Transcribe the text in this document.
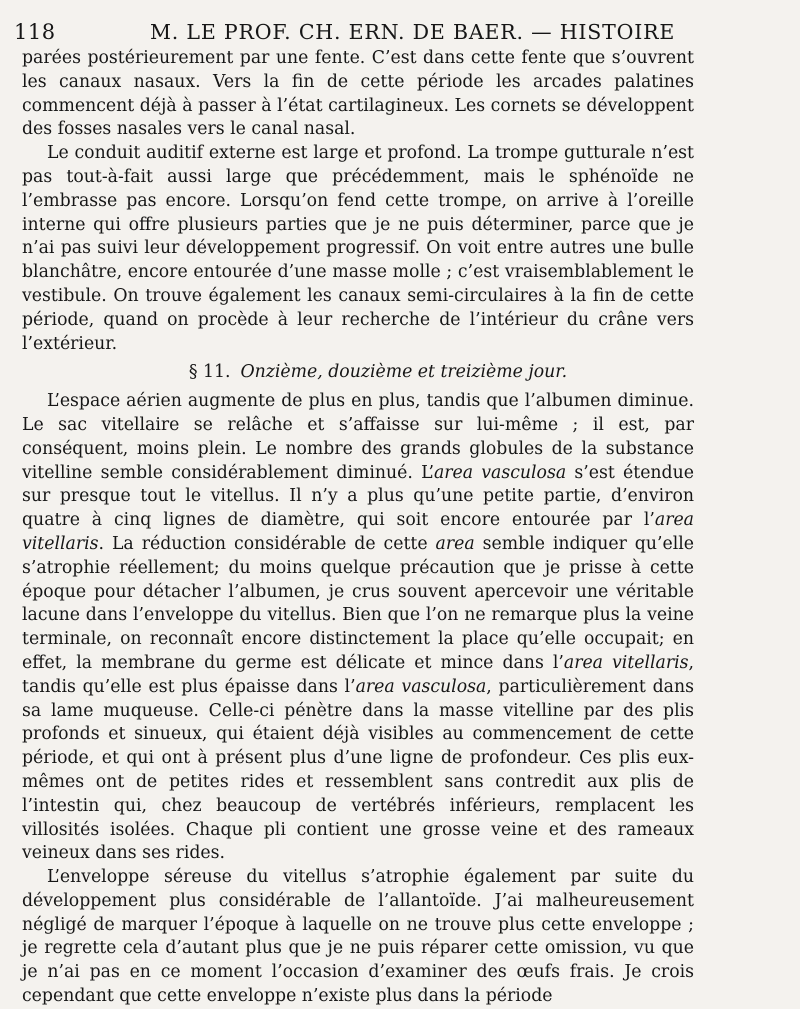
118	M. LE PROF. CH. ERN. DE BAER. — HISTOIRE

parées postérieurement par une fente. C’est dans cette fente que s’ouvrent les canaux nasaux. Vers la fin de cette période les arcades palatines commencent déjà à passer à l’état cartilagineux. Les cornets se développent des fosses nasales vers le canal nasal.

Le conduit auditif externe est large et profond. La trompe gutturale n’est pas tout-à-fait aussi large que précédemment, mais le sphénoïde ne l’embrasse pas encore. Lorsqu’on fend cette trompe, on arrive à l’oreille interne qui offre plusieurs parties que je ne puis déterminer, parce que je n’ai pas suivi leur développement progressif. On voit entre autres une bulle blanchâtre, encore entourée d’une masse molle ; c’est vraisemblablement le vestibule. On trouve également les canaux semi-circulaires à la fin de cette période, quand on procède à leur recherche de l’intérieur du crâne vers l’extérieur.

§ 11. Onzième, douzième et treizième jour.

L’espace aérien augmente de plus en plus, tandis que l’albumen diminue. Le sac vitellaire se relâche et s’affaisse sur lui-même ; il est, par conséquent, moins plein. Le nombre des grands globules de la substance vitelline semble considérablement diminué. L’area vasculosa s’est étendue sur presque tout le vitellus. Il n’y a plus qu’une petite partie, d’environ quatre à cinq lignes de diamètre, qui soit encore entourée par l’area vitellaris. La réduction considérable de cette area semble indiquer qu’elle s’atrophie réellement; du moins quelque précaution que je prisse à cette époque pour détacher l’albumen, je crus souvent apercevoir une véritable lacune dans l’enveloppe du vitellus. Bien que l’on ne remarque plus la veine terminale, on reconnaît encore distinctement la place qu’elle occupait; en effet, la membrane du germe est délicate et mince dans l’area vitellaris, tandis qu’elle est plus épaisse dans l’area vasculosa, particulièrement dans sa lame muqueuse. Celle-ci pénètre dans la masse vitelline par des plis profonds et sinueux, qui étaient déjà visibles au commencement de cette période, et qui ont à présent plus d’une ligne de profondeur. Ces plis eux-mêmes ont de petites rides et ressemblent sans contredit aux plis de l’intestin qui, chez beaucoup de vertébrés inférieurs, remplacent les villosités isolées. Chaque pli contient une grosse veine et des rameaux veineux dans ses rides.

L’enveloppe séreuse du vitellus s’atrophie également par suite du développement plus considérable de l’allantoïde. J’ai malheureusement négligé de marquer l’époque à laquelle on ne trouve plus cette enveloppe ; je regrette cela d’autant plus que je ne puis réparer cette omission, vu que je n’ai pas en ce moment l’occasion d’examiner des œufs frais. Je crois cependant que cette enveloppe n’existe plus dans la période
